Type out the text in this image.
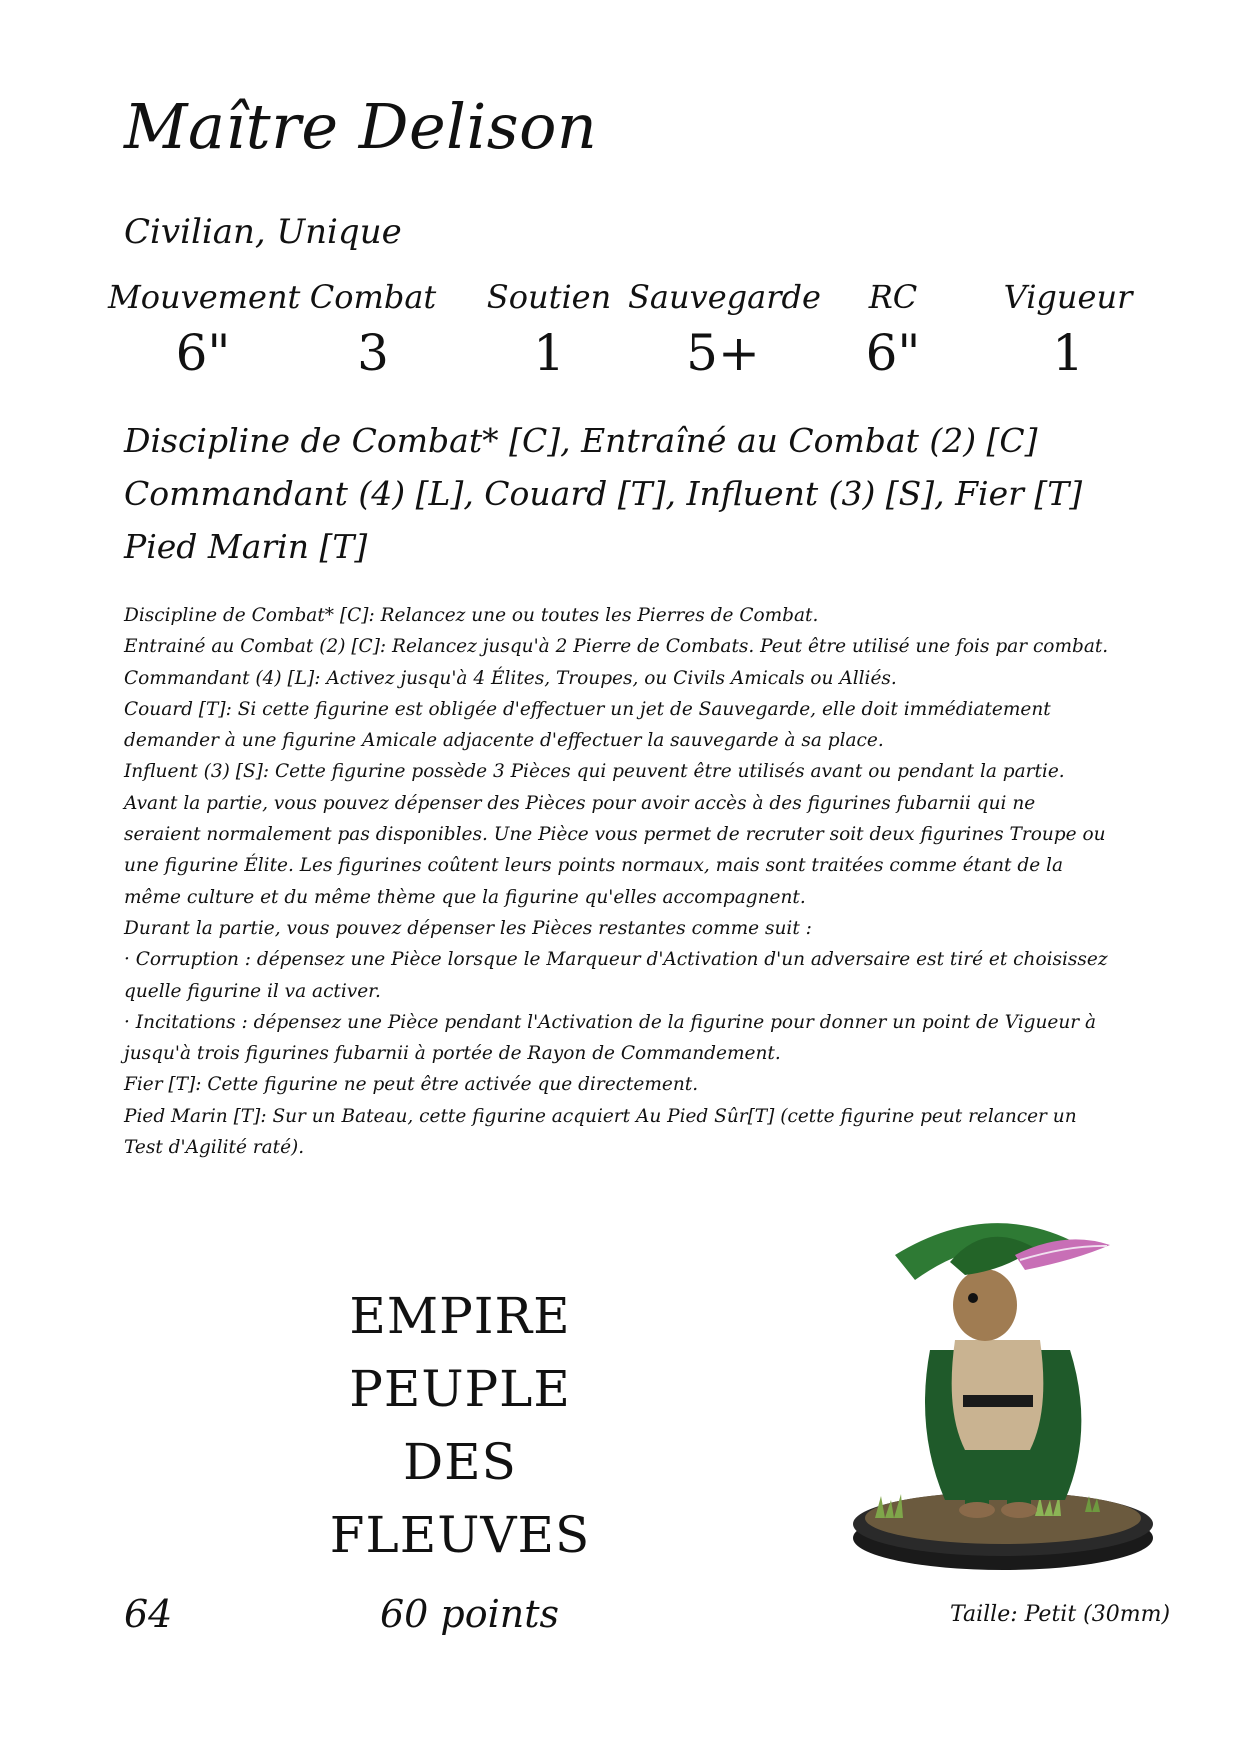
Maître Delison
Civilian, Unique
Mouvement
6"
Combat
3
Soutien
1
Sauvegarde
5+
RC
6"
Vigueur
1
Discipline de Combat* [C], Entraîné au Combat (2) [C]
Commandant (4) [L], Couard [T], Influent (3) [S], Fier [T]
Pied Marin [T]

Discipline de Combat* [C]: Relancez une ou toutes les Pierres de Combat.

Entrainé au Combat (2) [C]: Relancez jusqu'à 2 Pierre de Combats. Peut être utilisé une fois par combat.

Commandant (4) [L]: Activez jusqu'à 4 Élites, Troupes, ou Civils Amicals ou Alliés.

Couard [T]: Si cette figurine est obligée d'effectuer un jet de Sauvegarde, elle doit immédiatement demander à une figurine Amicale adjacente d'effectuer la sauvegarde à sa place.

Influent (3) [S]: Cette figurine possède 3 Pièces qui peuvent être utilisés avant ou pendant la partie.

Avant la partie, vous pouvez dépenser des Pièces pour avoir accès à des figurines fubarnii qui ne seraient normalement pas disponibles. Une Pièce vous permet de recruter soit deux figurines Troupe ou une figurine Élite. Les figurines coûtent leurs points normaux, mais sont traitées comme étant de la même culture et du même thème que la figurine qu'elles accompagnent.

Durant la partie, vous pouvez dépenser les Pièces restantes comme suit :

· Corruption : dépensez une Pièce lorsque le Marqueur d'Activation d'un adversaire est tiré et choisissez quelle figurine il va activer.

· Incitations : dépensez une Pièce pendant l'Activation de la figurine pour donner un point de Vigueur à jusqu'à trois figurines fubarnii à portée de Rayon de Commandement.

Fier [T]: Cette figurine ne peut être activée que directement.

Pied Marin [T]: Sur un Bateau, cette figurine acquiert Au Pied Sûr[T] (cette figurine peut relancer un Test d'Agilité raté).

EMPIRE
PEUPLE
DES
FLEUVES
64	60 points	Taille: Petit (30mm)
